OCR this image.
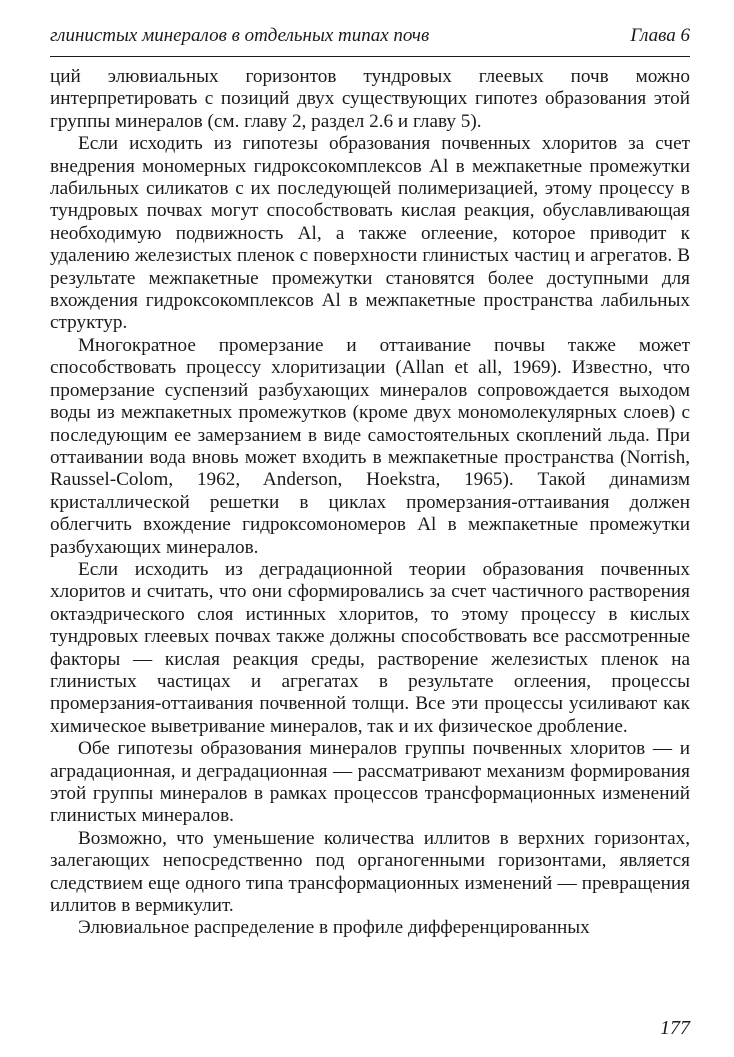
глинистых минералов в отдельных типах почв	Глава 6

ций элювиальных горизонтов тундровых глеевых почв можно интерпретировать с позиций двух существующих гипотез образования этой группы минералов (см. главу 2, раздел 2.6 и главу 5).

Если исходить из гипотезы образования почвенных хлоритов за счет внедрения мономерных гидроксокомплексов Al в межпакетные промежутки лабильных силикатов с их последующей полимеризацией, этому процессу в тундровых почвах могут способствовать кислая реакция, обуславливающая необходимую подвижность Al, а также оглеение, которое приводит к удалению железистых пленок с поверхности глинистых частиц и агрегатов. В результате межпакетные промежутки становятся более доступными для вхождения гидроксокомплексов Al в межпакетные пространства лабильных структур.

Многократное промерзание и оттаивание почвы также может способствовать процессу хлоритизации (Allan et all, 1969). Известно, что промерзание суспензий разбухающих минералов сопровождается выходом воды из межпакетных промежутков (кроме двух мономолекулярных слоев) с последующим ее замерзанием в виде самостоятельных скоплений льда. При оттаивании вода вновь может входить в межпакетные пространства (Norrish, Raussel-Colom, 1962, Anderson, Hoekstra, 1965). Такой динамизм кристаллической решетки в циклах промерзания-оттаивания должен облегчить вхождение гидроксомономеров Al в межпакетные промежутки разбухающих минералов.

Если исходить из деградационной теории образования почвенных хлоритов и считать, что они сформировались за счет частичного растворения октаэдрического слоя истинных хлоритов, то этому процессу в кислых тундровых глеевых почвах также должны способствовать все рассмотренные факторы — кислая реакция среды, растворение железистых пленок на глинистых частицах и агрегатах в результате оглеения, процессы промерзания-оттаивания почвенной толщи. Все эти процессы усиливают как химическое выветривание минералов, так и их физическое дробление.

Обе гипотезы образования минералов группы почвенных хлоритов — и аградационная, и деградационная — рассматривают механизм формирования этой группы минералов в рамках процессов трансформационных изменений глинистых минералов.

Возможно, что уменьшение количества иллитов в верхних горизонтах, залегающих непосредственно под органогенными горизонтами, является следствием еще одного типа трансформационных изменений — превращения иллитов в вермикулит.

Элювиальное распределение в профиле дифференцированных

177
